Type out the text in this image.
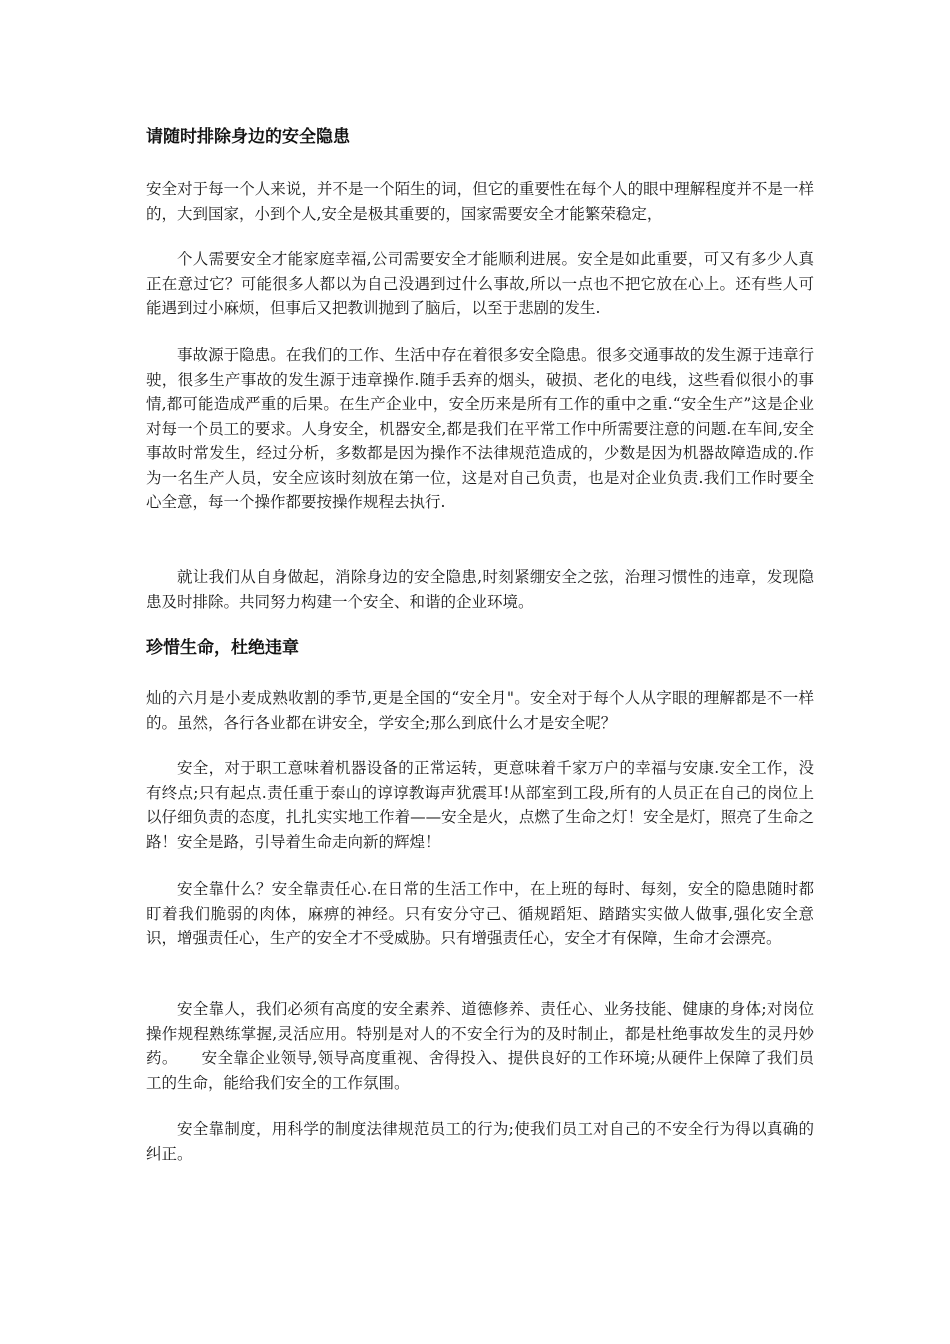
请随时排除身边的安全隐患

安全对于每一个人来说，并不是一个陌生的词，但它的重要性在每个人的眼中理解程度并不是一样的，大到国家，小到个人,安全是极其重要的，国家需要安全才能繁荣稳定，

个人需要安全才能家庭幸福,公司需要安全才能顺利进展。安全是如此重要，可又有多少人真正在意过它？可能很多人都以为自己没遇到过什么事故,所以一点也不把它放在心上。还有些人可能遇到过小麻烦，但事后又把教训抛到了脑后，以至于悲剧的发生.

事故源于隐患。在我们的工作、生活中存在着很多安全隐患。很多交通事故的发生源于违章行驶，很多生产事故的发生源于违章操作.随手丢弃的烟头，破损、老化的电线，这些看似很小的事情,都可能造成严重的后果。在生产企业中，安全历来是所有工作的重中之重.“安全生产”这是企业对每一个员工的要求。人身安全，机器安全,都是我们在平常工作中所需要注意的问题.在车间,安全事故时常发生，经过分析，多数都是因为操作不法律规范造成的，少数是因为机器故障造成的.作为一名生产人员，安全应该时刻放在第一位，这是对自己负责，也是对企业负责.我们工作时要全心全意，每一个操作都要按操作规程去执行.

就让我们从自身做起，消除身边的安全隐患,时刻紧绷安全之弦，治理习惯性的违章，发现隐患及时排除。共同努力构建一个安全、和谐的企业环境。

珍惜生命，杜绝违章

灿的六月是小麦成熟收割的季节,更是全国的“安全月"。安全对于每个人从字眼的理解都是不一样的。虽然，各行各业都在讲安全，学安全;那么到底什么才是安全呢？

安全，对于职工意味着机器设备的正常运转，更意味着千家万户的幸福与安康.安全工作，没有终点;只有起点.责任重于泰山的谆谆教诲声犹震耳!从部室到工段,所有的人员正在自己的岗位上以仔细负责的态度，扎扎实实地工作着——安全是火，点燃了生命之灯！安全是灯，照亮了生命之路！安全是路，引导着生命走向新的辉煌！

安全靠什么？安全靠责任心.在日常的生活工作中，在上班的每时、每刻，安全的隐患随时都盯着我们脆弱的肉体，麻痹的神经。只有安分守己、循规蹈矩、踏踏实实做人做事,强化安全意识，增强责任心，生产的安全才不受威胁。只有增强责任心，安全才有保障，生命才会漂亮。

安全靠人，我们必须有高度的安全素养、道德修养、责任心、业务技能、健康的身体;对岗位操作规程熟练掌握,灵活应用。特别是对人的不安全行为的及时制止，都是杜绝事故发生的灵丹妙药。　　安全靠企业领导,领导高度重视、舍得投入、提供良好的工作环境;从硬件上保障了我们员工的生命，能给我们安全的工作氛围。

安全靠制度，用科学的制度法律规范员工的行为;使我们员工对自己的不安全行为得以真确的纠正。
